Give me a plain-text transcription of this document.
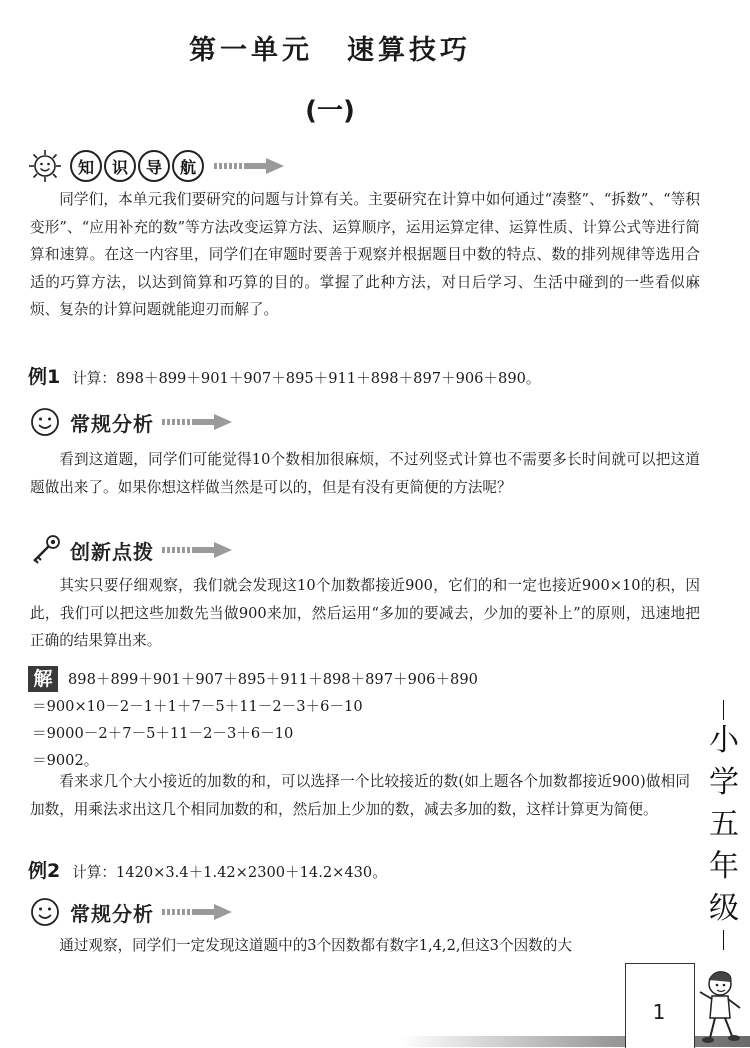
第一单元 速算技巧
(一)
知	识	导	航

同学们，本单元我们要研究的问题与计算有关。主要研究在计算中如何通过“凑整”、“拆数”、“等积变形”、“应用补充的数”等方法改变运算方法、运算顺序，运用运算定律、运算性质、计算公式等进行简算和速算。在这一内容里，同学们在审题时要善于观察并根据题目中数的特点、数的排列规律等选用合适的巧算方法，以达到简算和巧算的目的。掌握了此种方法，对日后学习、生活中碰到的一些看似麻烦、复杂的计算问题就能迎刃而解了。

例1 计算：898＋899＋901＋907＋895＋911＋898＋897＋906＋890。
常规分析

看到这道题，同学们可能觉得10个数相加很麻烦，不过列竖式计算也不需要多长时间就可以把这道题做出来了。如果你想这样做当然是可以的，但是有没有更简便的方法呢？

创新点拨

其实只要仔细观察，我们就会发现这10个加数都接近900，它们的和一定也接近900×10的积，因此，我们可以把这些加数先当做900来加，然后运用“多加的要减去，少加的要补上”的原则，迅速地把正确的结果算出来。

解	898＋899＋901＋907＋895＋911＋898＋897＋906＋890
＝900×10－2－1＋1＋7－5＋11－2－3＋6－10
＝9000－2＋7－5＋11－2－3＋6－10
＝9002。

看来求几个大小接近的加数的和，可以选择一个比较接近的数(如上题各个加数都接近900)做相同加数，用乘法求出这几个相同加数的和，然后加上少加的数，减去多加的数，这样计算更为简便。

例2 计算：1420×3.4＋1.42×2300＋14.2×430。
常规分析

通过观察，同学们一定发现这道题中的3个因数都有数字1,4,2,但这3个因数的大

小
学
五
年
级
1
